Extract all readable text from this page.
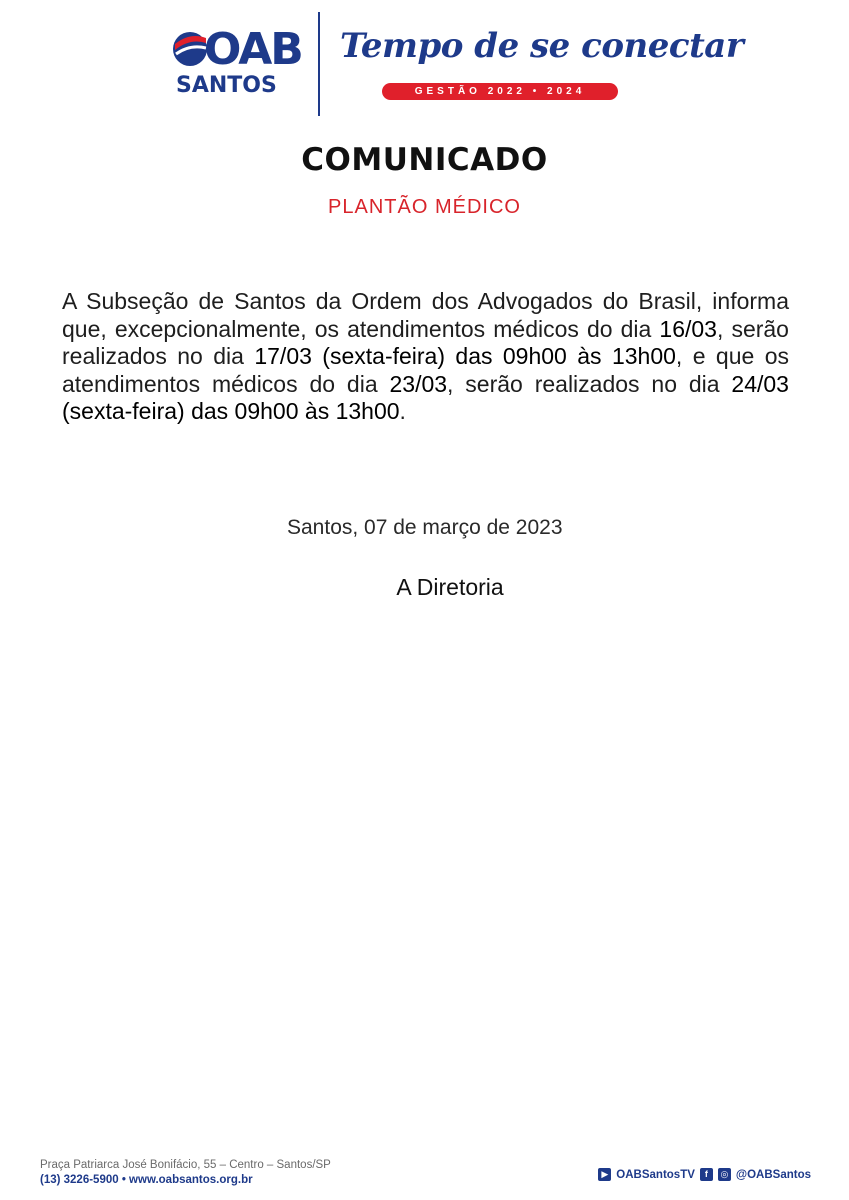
OAB
SANTOS
Tempo de se conectar
GESTÃO 2022 • 2024
COMUNICADO
PLANTÃO MÉDICO
A Subseção de Santos da Ordem dos Advogados do Brasil, informa que, excepcionalmente, os atendimentos médicos do dia 16/03, serão realizados no dia 17/03 (sexta-feira) das 09h00 às 13h00, e que os atendimentos médicos do dia 23/03, serão realizados no dia 24/03 (sexta-feira) das 09h00 às 13h00.
Santos, 07 de março de 2023
A Diretoria
Praça Patriarca José Bonifácio, 55 – Centro – Santos/SP
(13) 3226-5900 • www.oabsantos.org.br	▶ OABSantosTV	f	◎ @OABSantos
